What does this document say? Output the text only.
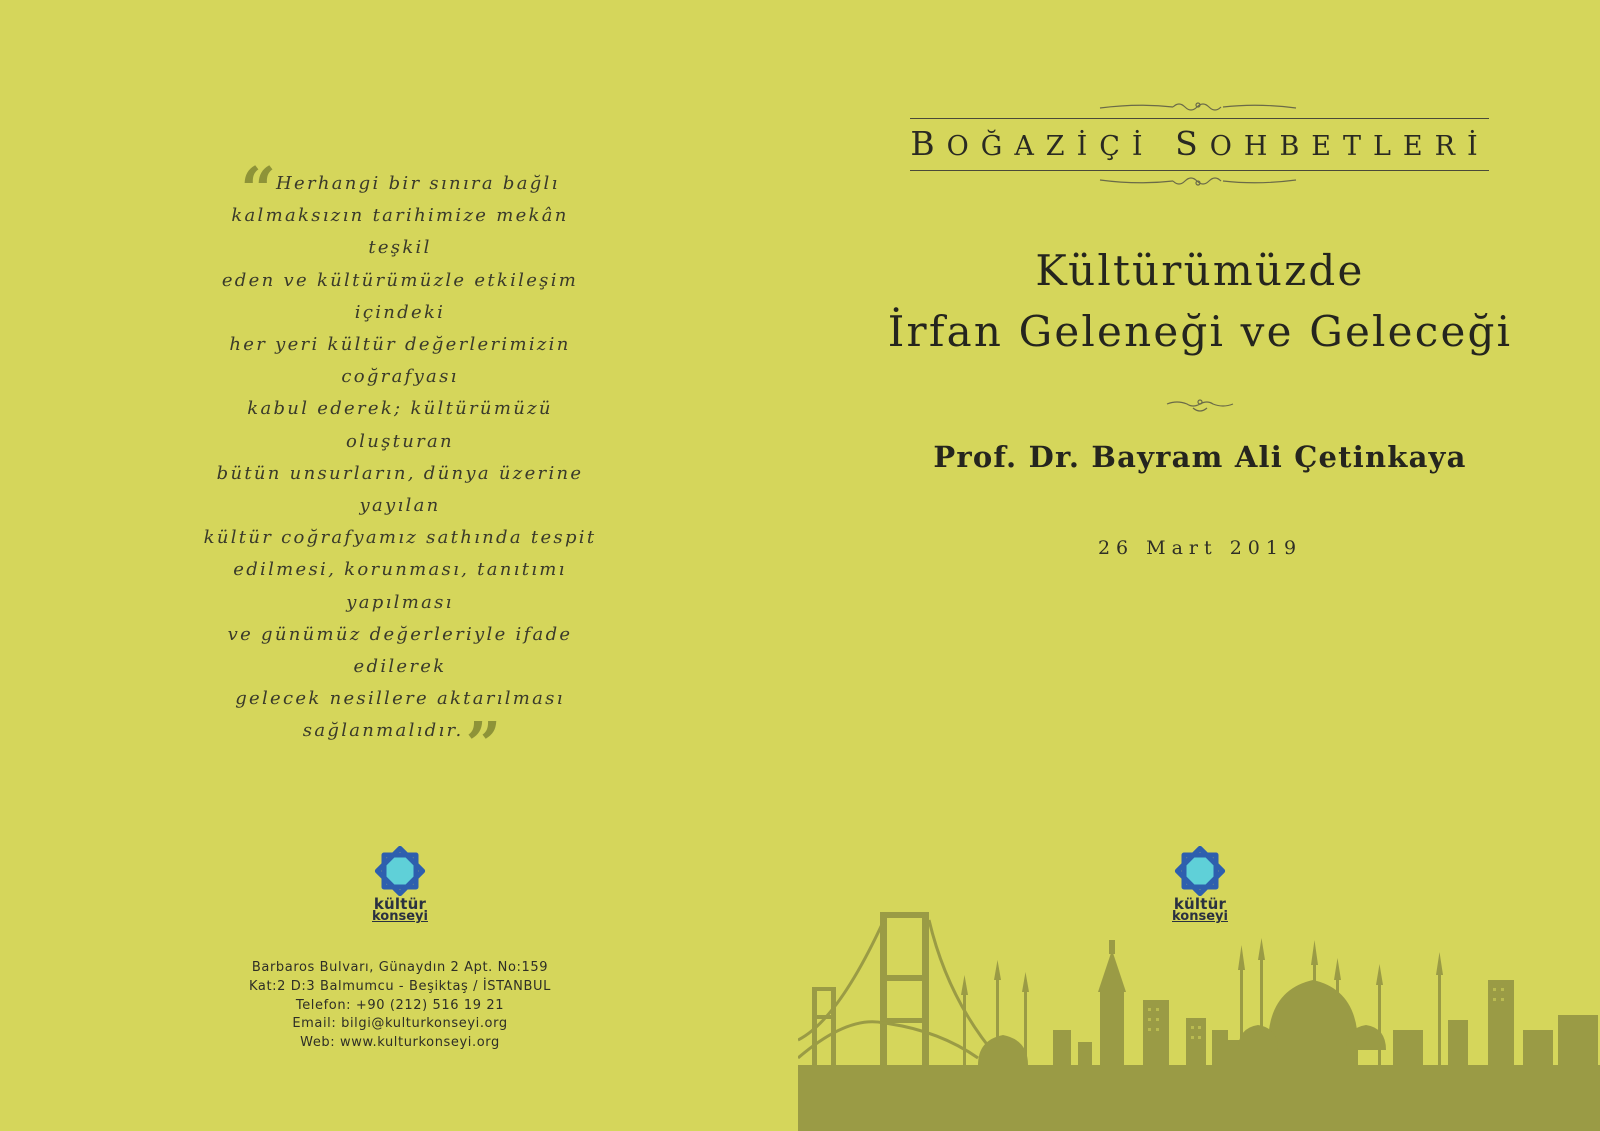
“ Herhangi bir sınıra bağlı
kalmaksızın tarihimize mekân teşkil
eden ve kültürümüzle etkileşim içindeki
her yeri kültür değerlerimizin coğrafyası
kabul ederek; kültürümüzü oluşturan
bütün unsurların, dünya üzerine yayılan
kültür coğrafyamız sathında tespit
edilmesi, korunması, tanıtımı yapılması
ve günümüz değerleriyle ifade edilerek
gelecek nesillere aktarılması
sağlanmalıdır.”
kültür
konseyi
Barbaros Bulvarı, Günaydın 2 Apt. No:159
Kat:2 D:3 Balmumcu - Beşiktaş / İSTANBUL
Telefon: +90 (212) 516 19 21
Email: bilgi@kulturkonseyi.org
Web: www.kulturkonseyi.org
BOĞAZİÇİ SOHBETLERİ
Kültürümüzde
İrfan Geleneği ve Geleceği
Prof. Dr. Bayram Ali Çetinkaya
26 Mart 2019
kültür
konseyi
